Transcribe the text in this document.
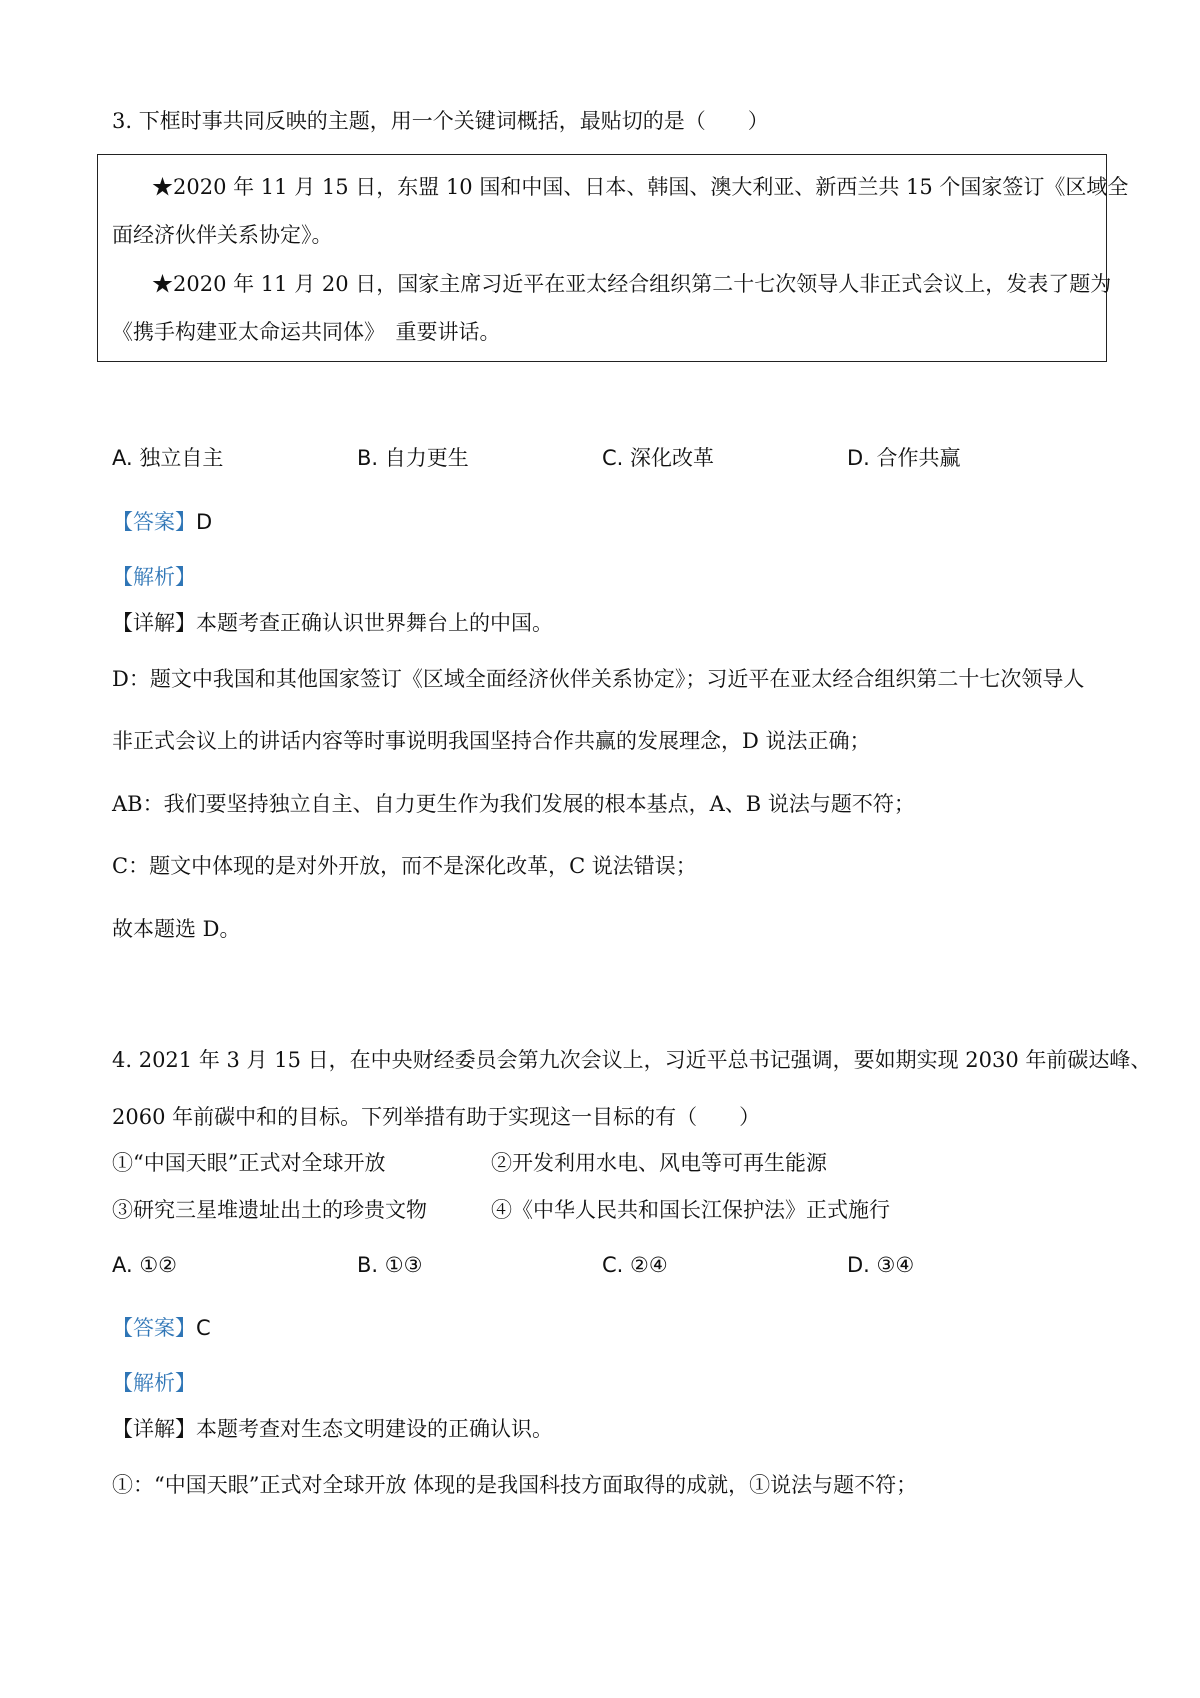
3. 下框时事共同反映的主题，用一个关键词概括，最贴切的是（　　）
★2020 年 11 月 15 日，东盟 10 国和中国、日本、韩国、澳大利亚、新西兰共 15 个国家签订《区域全
面经济伙伴关系协定》。
★2020 年 11 月 20 日，国家主席习近平在亚太经合组织第二十七次领导人非正式会议上，发表了题为
《携手构建亚太命运共同体》　重要讲话。
A. 独立自主	B. 自力更生	C. 深化改革	D. 合作共赢
【答案】D
【解析】
【详解】本题考查正确认识世界舞台上的中国。
D：题文中我国和其他国家签订《区域全面经济伙伴关系协定》；习近平在亚太经合组织第二十七次领导人
非正式会议上的讲话内容等时事说明我国坚持合作共赢的发展理念，D 说法正确；
AB：我们要坚持独立自主、自力更生作为我们发展的根本基点，A、B 说法与题不符；
C：题文中体现的是对外开放，而不是深化改革，C 说法错误；
故本题选 D。
4. 2021 年 3 月 15 日，在中央财经委员会第九次会议上，习近平总书记强调，要如期实现 2030 年前碳达峰、
2060 年前碳中和的目标。下列举措有助于实现这一目标的有（　　）
①“中国天眼”正式对全球开放	②开发利用水电、风电等可再生能源
③研究三星堆遗址出土的珍贵文物	④《中华人民共和国长江保护法》正式施行
A. ①②	B. ①③	C. ②④	D. ③④
【答案】C
【解析】
【详解】本题考查对生态文明建设的正确认识。
①：“中国天眼”正式对全球开放 体现的是我国科技方面取得的成就，①说法与题不符；
